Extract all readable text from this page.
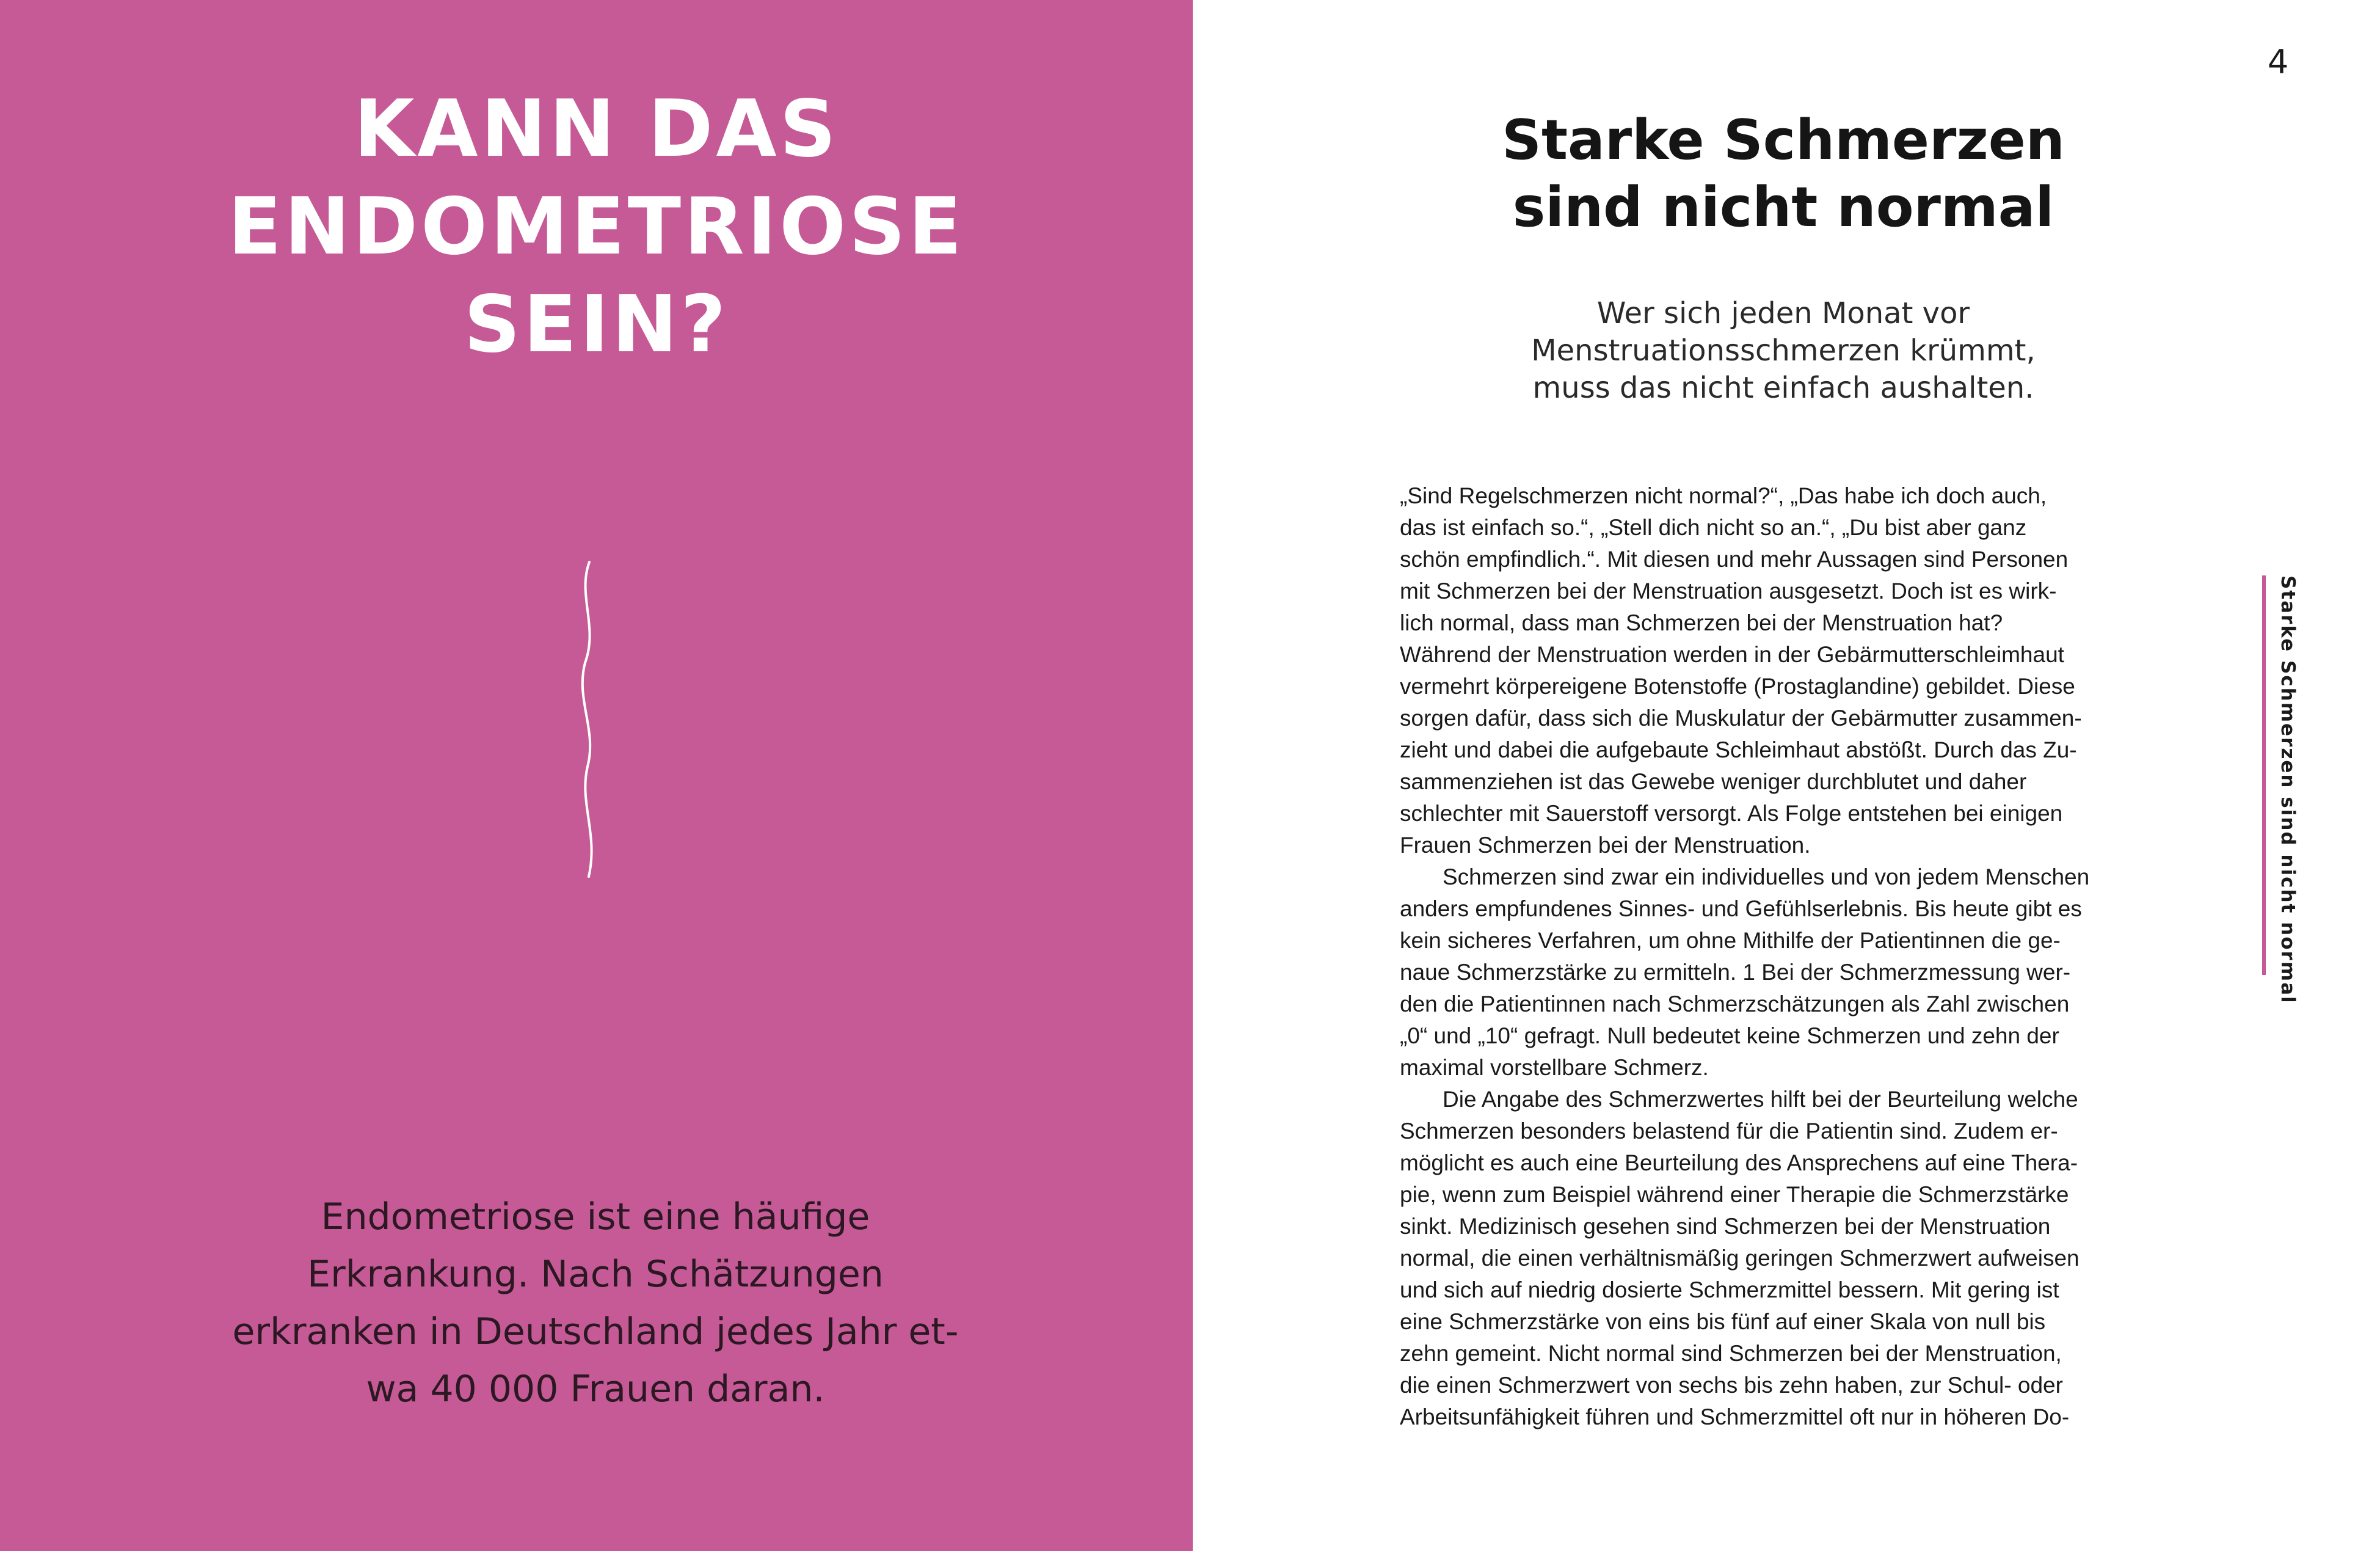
KANN DAS
ENDOMETRIOSE
SEIN?

Endometriose ist eine häufige
Erkrankung. Nach Schätzungen
erkranken in Deutschland jedes Jahr et-
wa 40 000 Frauen daran.

4
Starke Schmerzen
sind nicht normal

Wer sich jeden Monat vor
Menstruationsschmerzen krümmt,
muss das nicht einfach aushalten.

„Sind Regelschmerzen nicht normal?“, „Das habe ich doch auch,
das ist einfach so.“, „Stell dich nicht so an.“, „Du bist aber ganz
schön empfindlich.“. Mit diesen und mehr Aussagen sind Personen
mit Schmerzen bei der Menstruation ausgesetzt. Doch ist es wirk-
lich normal, dass man Schmerzen bei der Menstruation hat?
Während der Menstruation werden in der Gebärmutterschleimhaut
vermehrt körpereigene Botenstoffe (Prostaglandine) gebildet. Diese
sorgen dafür, dass sich die Muskulatur der Gebärmutter zusammen-
zieht und dabei die aufgebaute Schleimhaut abstößt. Durch das Zu-
sammenziehen ist das Gewebe weniger durchblutet und daher
schlechter mit Sauerstoff versorgt. Als Folge entstehen bei einigen
Frauen Schmerzen bei der Menstruation.
Schmerzen sind zwar ein individuelles und von jedem Menschen
anders empfundenes Sinnes- und Gefühlserlebnis. Bis heute gibt es
kein sicheres Verfahren, um ohne Mithilfe der Patientinnen die ge-
naue Schmerzstärke zu ermitteln. 1 Bei der Schmerzmessung wer-
den die Patientinnen nach Schmerzschätzungen als Zahl zwischen
„0“ und „10“ gefragt. Null bedeutet keine Schmerzen und zehn der
maximal vorstellbare Schmerz.
Die Angabe des Schmerzwertes hilft bei der Beurteilung welche
Schmerzen besonders belastend für die Patientin sind. Zudem er-
möglicht es auch eine Beurteilung des Ansprechens auf eine Thera-
pie, wenn zum Beispiel während einer Therapie die Schmerzstärke
sinkt. Medizinisch gesehen sind Schmerzen bei der Menstruation
normal, die einen verhältnismäßig geringen Schmerzwert aufweisen
und sich auf niedrig dosierte Schmerzmittel bessern. Mit gering ist
eine Schmerzstärke von eins bis fünf auf einer Skala von null bis
zehn gemeint. Nicht normal sind Schmerzen bei der Menstruation,
die einen Schmerzwert von sechs bis zehn haben, zur Schul- oder
Arbeitsunfähigkeit führen und Schmerzmittel oft nur in höheren Do-
Starke Schmerzen sind nicht normal
